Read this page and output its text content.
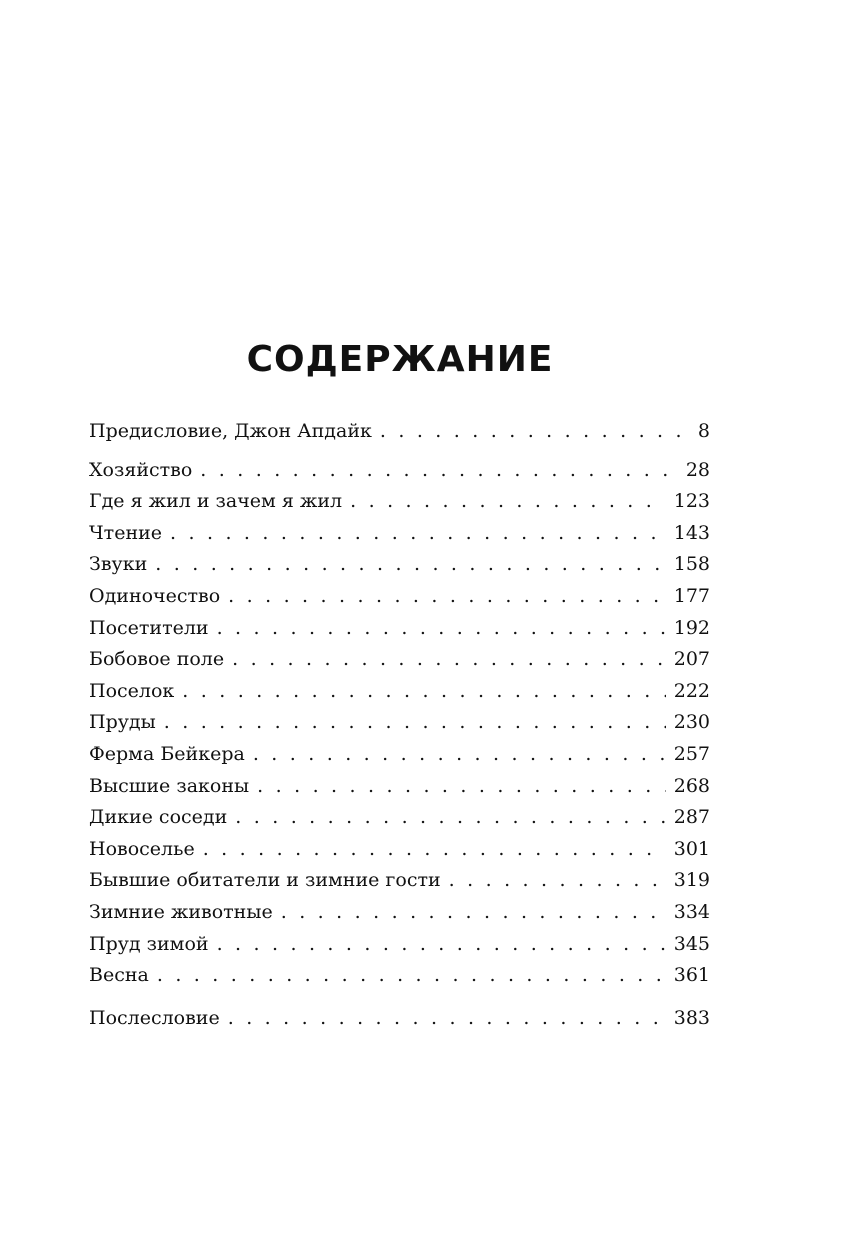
СОДЕРЖАНИЕ
Предисловие, Джон Апдайк . . .	8
Хозяйство . . .	28
Где я жил и зачем я жил . . .	123
Чтение . . .	143
Звуки . . .	158
Одиночество . . .	177
Посетители . . .	192
Бобовое поле . . .	207
Поселок . . .	222
Пруды . . .	230
Ферма Бейкера . . .	257
Высшие законы . . .	268
Дикие соседи . . .	287
Новоселье . . .	301
Бывшие обитатели и зимние гости . . .	319
Зимние животные . . .	334
Пруд зимой . . .	345
Весна . . .	361
Послесловие . . .	383
